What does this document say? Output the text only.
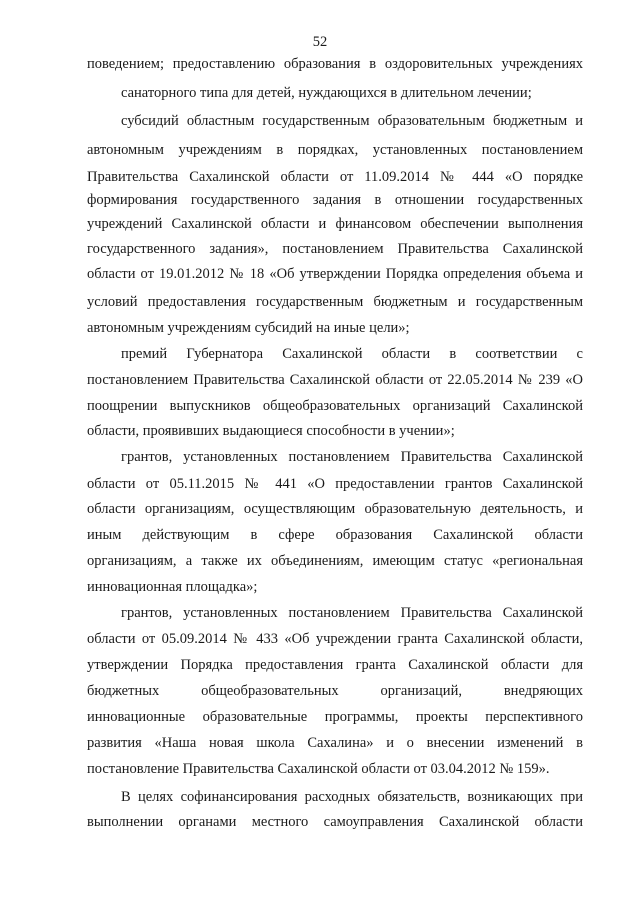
52
поведением; предоставлению образования в оздоровительных учреждениях
санаторного типа для детей, нуждающихся в длительном лечении;
субсидий областным государственным образовательным бюджетным и
автономным учреждениям в порядках, установленных постановлением
Правительства Сахалинской области от 11.09.2014 № 444 «О порядке
формирования государственного задания в отношении государственных
учреждений Сахалинской области и финансовом обеспечении выполнения
государственного задания», постановлением Правительства Сахалинской
области от 19.01.2012 № 18 «Об утверждении Порядка определения объема и
условий предоставления государственным бюджетным и государственным
автономным учреждениям субсидий на иные цели»;
премий Губернатора Сахалинской области в соответствии с
постановлением Правительства Сахалинской области от 22.05.2014 № 239 «О
поощрении выпускников общеобразовательных организаций Сахалинской
области, проявивших выдающиеся способности в учении»;
грантов, установленных постановлением Правительства Сахалинской
области от 05.11.2015 № 441 «О предоставлении грантов Сахалинской
области организациям, осуществляющим образовательную деятельность, и
иным действующим в сфере образования Сахалинской области
организациям, а также их объединениям, имеющим статус «региональная
инновационная площадка»;
грантов, установленных постановлением Правительства Сахалинской
области от 05.09.2014 № 433 «Об учреждении гранта Сахалинской области,
утверждении Порядка предоставления гранта Сахалинской области для
бюджетных общеобразовательных организаций, внедряющих
инновационные образовательные программы, проекты перспективного
развития «Наша новая школа Сахалина» и о внесении изменений в
постановление Правительства Сахалинской области от 03.04.2012 № 159».
В целях софинансирования расходных обязательств, возникающих при
выполнении органами местного самоуправления Сахалинской области
